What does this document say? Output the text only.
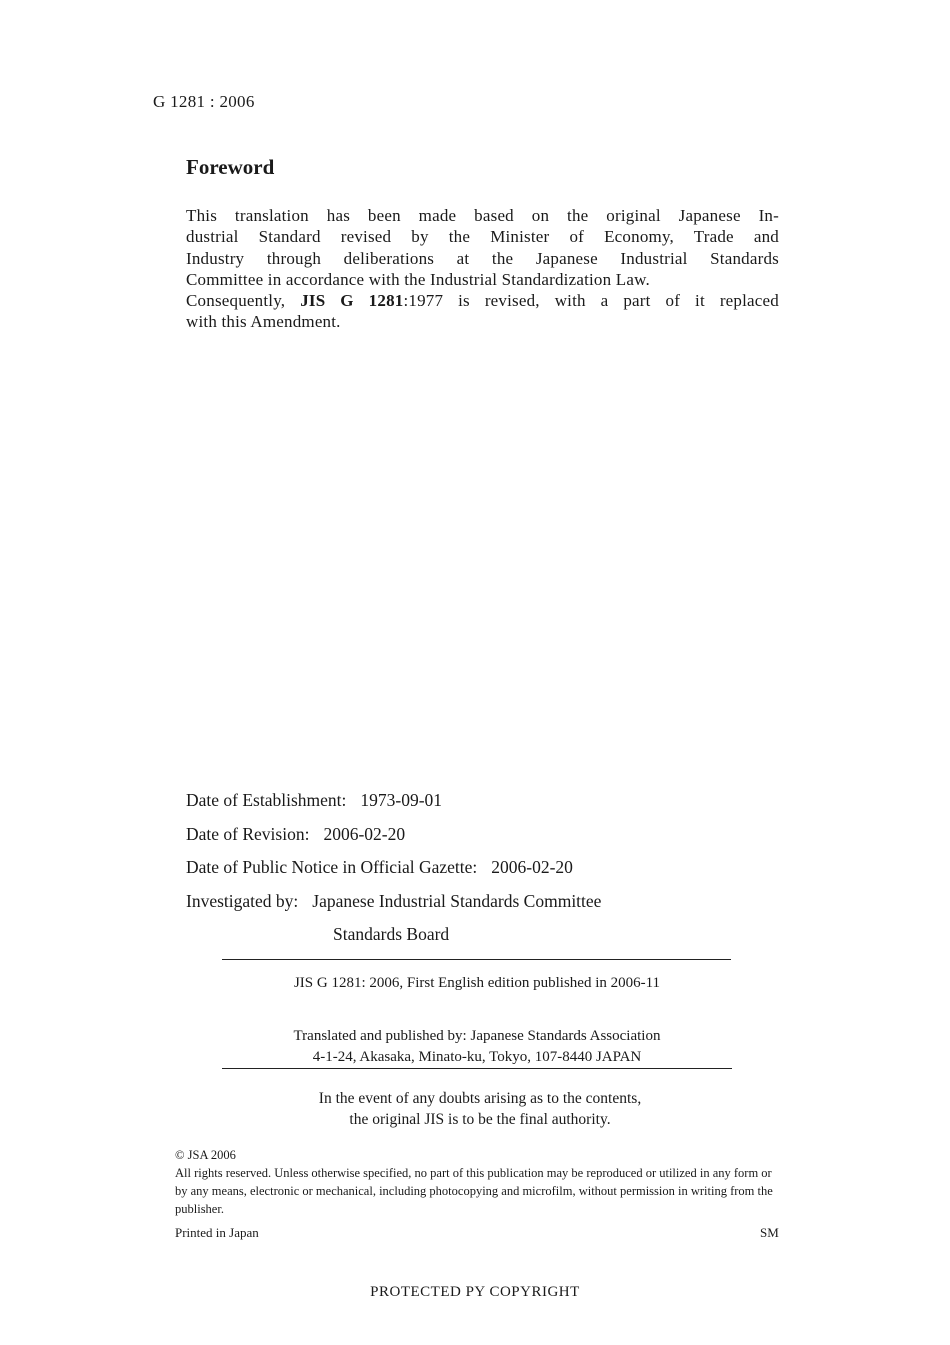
G 1281 : 2006
Foreword
This translation has been made based on the original Japanese In-
dustrial Standard revised by the Minister of Economy, Trade and
Industry through deliberations at the Japanese Industrial Standards
Committee in accordance with the Industrial Standardization Law.
Consequently, JIS G 1281:1977 is revised, with a part of it replaced
with this Amendment.
Date of Establishment: 1973-09-01
Date of Revision: 2006-02-20
Date of Public Notice in Official Gazette: 2006-02-20
Investigated by: Japanese Industrial Standards Committee
Standards Board
JIS G 1281: 2006, First English edition published in 2006-11
Translated and published by: Japanese Standards Association
4-1-24, Akasaka, Minato-ku, Tokyo, 107-8440 JAPAN
In the event of any doubts arising as to the contents,
the original JIS is to be the final authority.
© JSA 2006
All rights reserved. Unless otherwise specified, no part of this publication may be reproduced or utilized in any form or by any means, electronic or mechanical, including photocopying and microfilm, without permission in writing from the publisher.
Printed in Japan	SM
PROTECTED PY COPYRIGHT
